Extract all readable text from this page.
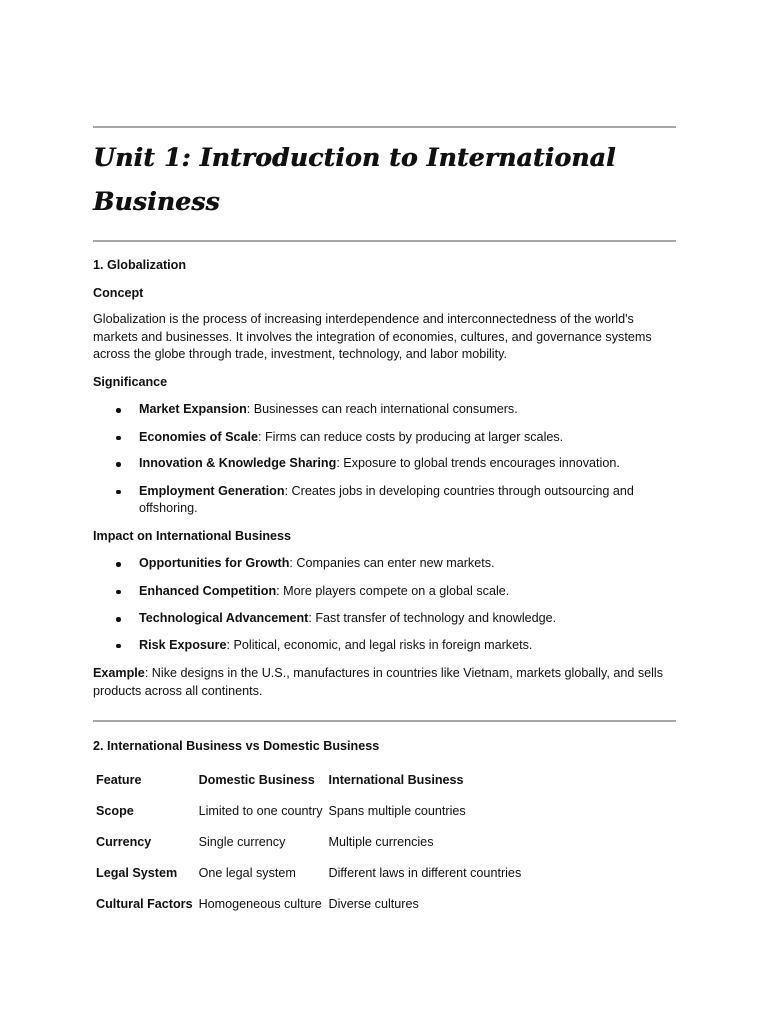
Unit 1: Introduction to International Business
1. Globalization
Concept
Globalization is the process of increasing interdependence and interconnectedness of the world's markets and businesses. It involves the integration of economies, cultures, and governance systems across the globe through trade, investment, technology, and labor mobility.
Significance
Market Expansion: Businesses can reach international consumers.
Economies of Scale: Firms can reduce costs by producing at larger scales.
Innovation & Knowledge Sharing: Exposure to global trends encourages innovation.
Employment Generation: Creates jobs in developing countries through outsourcing and offshoring.
Impact on International Business
Opportunities for Growth: Companies can enter new markets.
Enhanced Competition: More players compete on a global scale.
Technological Advancement: Fast transfer of technology and knowledge.
Risk Exposure: Political, economic, and legal risks in foreign markets.
Example: Nike designs in the U.S., manufactures in countries like Vietnam, markets globally, and sells products across all continents.
2. International Business vs Domestic Business
Feature	Domestic Business	International Business
Scope	Limited to one country	Spans multiple countries
Currency	Single currency	Multiple currencies
Legal System	One legal system	Different laws in different countries
Cultural Factors	Homogeneous culture	Diverse cultures
